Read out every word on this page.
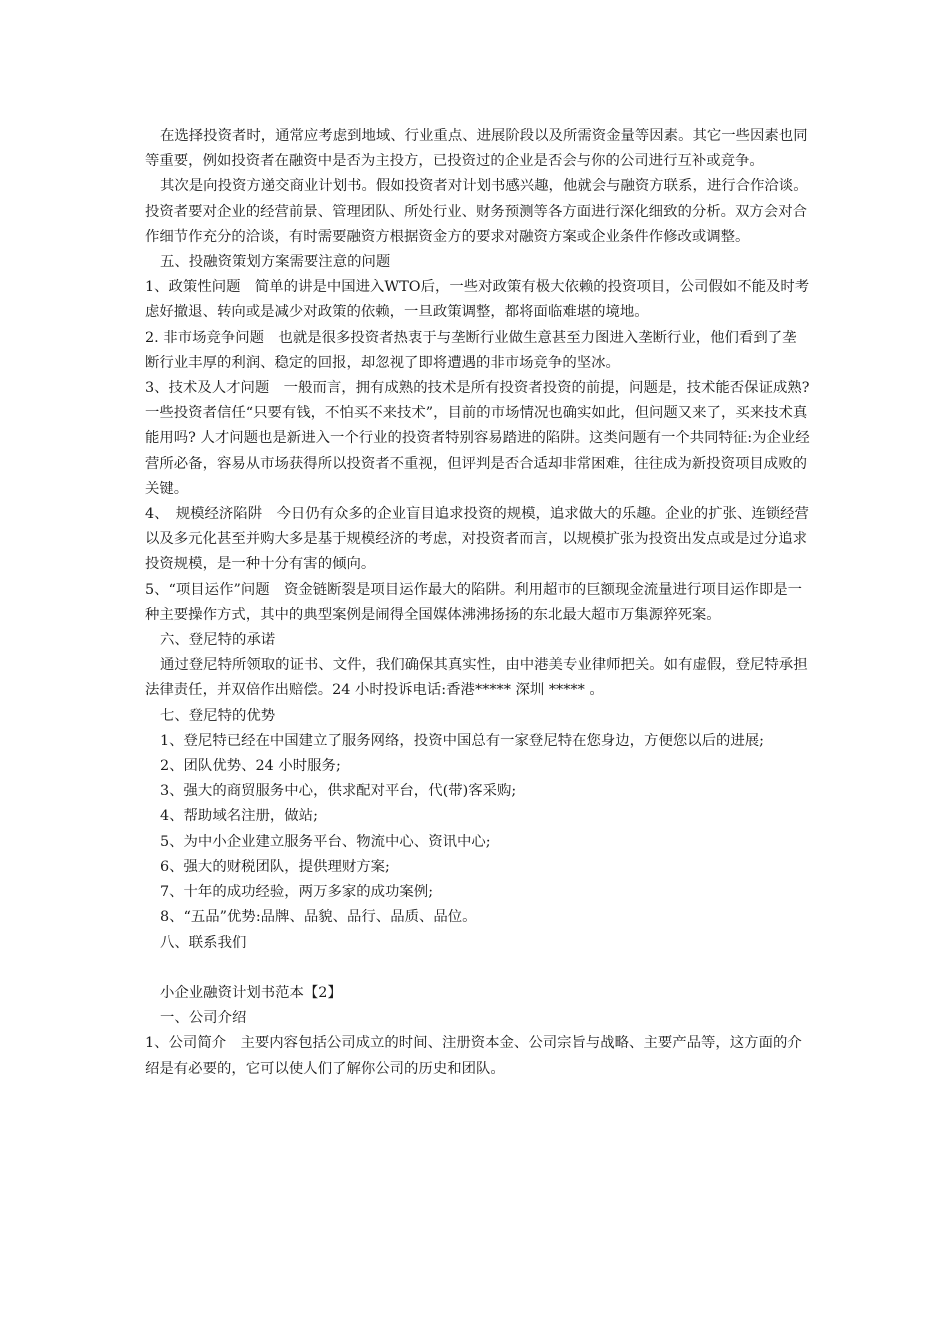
在选择投资者时，通常应考虑到地域、行业重点、进展阶段以及所需资金量等因素。其它一些因素也同等重要，例如投资者在融资中是否为主投方，已投资过的企业是否会与你的公司进行互补或竞争。

其次是向投资方递交商业计划书。假如投资者对计划书感兴趣，他就会与融资方联系，进行合作洽谈。投资者要对企业的经营前景、管理团队、所处行业、财务预测等各方面进行深化细致的分析。双方会对合作细节作充分的洽谈，有时需要融资方根据资金方的要求对融资方案或企业条件作修改或调整。

五、投融资策划方案需要注意的问题

1、政策性问题　简单的讲是中国进入WTO后，一些对政策有极大依赖的投资项目，公司假如不能及时考虑好撤退、转向或是减少对政策的依赖，一旦政策调整，都将面临难堪的境地。

2. 非市场竞争问题　也就是很多投资者热衷于与垄断行业做生意甚至力图进入垄断行业，他们看到了垄断行业丰厚的利润、稳定的回报，却忽视了即将遭遇的非市场竞争的坚冰。

3、技术及人才问题　一般而言，拥有成熟的技术是所有投资者投资的前提，问题是，技术能否保证成熟?一些投资者信任“只要有钱，不怕买不来技术”，目前的市场情况也确实如此，但问题又来了，买来技术真能用吗? 人才问题也是新进入一个行业的投资者特别容易踏进的陷阱。这类问题有一个共同特征:为企业经营所必备，容易从市场获得所以投资者不重视，但评判是否合适却非常困难，往往成为新投资项目成败的关键。

4、　规模经济陷阱　今日仍有众多的企业盲目追求投资的规模，追求做大的乐趣。企业的扩张、连锁经营以及多元化甚至并购大多是基于规模经济的考虑，对投资者而言，以规模扩张为投资出发点或是过分追求投资规模，是一种十分有害的倾向。

5、“项目运作”问题　资金链断裂是项目运作最大的陷阱。利用超市的巨额现金流量进行项目运作即是一种主要操作方式，其中的典型案例是闹得全国媒体沸沸扬扬的东北最大超市万集源猝死案。

六、登尼特的承诺

通过登尼特所领取的证书、文件，我们确保其真实性，由中港美专业律师把关。如有虚假，登尼特承担法律责任，并双倍作出赔偿。24 小时投诉电话:香港***** 深圳 ***** 。

七、登尼特的优势

1、登尼特已经在中国建立了服务网络，投资中国总有一家登尼特在您身边，方便您以后的进展;

2、团队优势、24 小时服务;

3、强大的商贸服务中心，供求配对平台，代(带)客采购;

4、帮助域名注册，做站;

5、为中小企业建立服务平台、物流中心、资讯中心;

6、强大的财税团队，提供理财方案;

7、十年的成功经验，两万多家的成功案例;

8、“五品”优势:品牌、品貌、品行、品质、品位。

八、联系我们

小企业融资计划书范本【2】

一、公司介绍

1、公司简介　主要内容包括公司成立的时间、注册资本金、公司宗旨与战略、主要产品等，这方面的介绍是有必要的，它可以使人们了解你公司的历史和团队。
